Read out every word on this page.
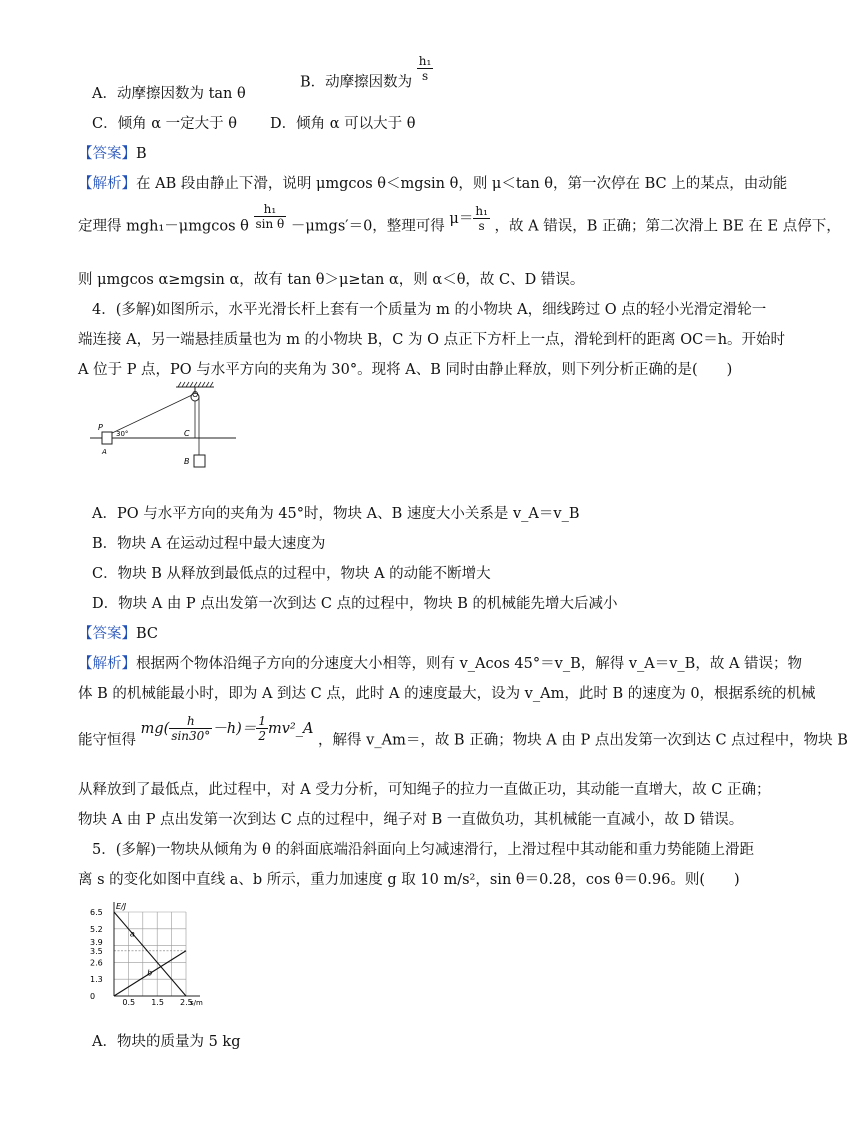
A．动摩擦因数为 tan θ
B．动摩擦因数为 $\frac{\text{h₁}}{s}$
C．倾角 α 一定大于 θ D．倾角 α 可以大于 θ
【答案】B
【解析】在 AB 段由静止下滑，说明 μmgcos θ＜mgsin θ，则 μ＜tan θ，第一次停在 BC 上的某点，由动能
定理得 mgh₁－μmgcos θ $\frac{\text{h₁}}{\text{sin θ}} -\mu mgs'=0$，整理可得 $\mu= \frac{\text{h₁}}{s}$ ，故 A 错误，B 正确；第二次滑上 BE 在 E 点停下，
则 μmgcos α≥mgsin α，故有 tan θ＞μ≥tan α，则 α＜θ，故 C、D 错误。
4．(多解)如图所示，水平光滑长杆上套有一个质量为 m 的小物块 A，细线跨过 O 点的轻小光滑定滑轮一
端连接 A，另一端悬挂质量也为 m 的小物块 B，C 为 O 点正下方杆上一点，滑轮到杆的距离 OC＝h。开始时
A 位于 P 点，PO 与水平方向的夹角为 30°。现将 A、B 同时由静止释放，则下列分析正确的是(　　)
O
P
A
C
B
30°
A．PO 与水平方向的夹角为 45°时，物块 A、B 速度大小关系是 v_A＝v_B
B．物块 A 在运动过程中最大速度为
C．物块 B 从释放到最低点的过程中，物块 A 的动能不断增大
D．物块 A 由 P 点出发第一次到达 C 点的过程中，物块 B 的机械能先增大后减小
【答案】BC
【解析】根据两个物体沿绳子方向的分速度大小相等，则有 v_Acos 45°＝v_B，解得 v_A＝v_B，故 A 错误；物
体 B 的机械能最小时，即为 A 到达 C 点，此时 A 的速度最大，设为 v_Am，此时 B 的速度为 0，根据系统的机械
能守恒得 $mg( \frac{h}{\sin 30^\circ} -h)= \frac{1}{2}$ mv²_A ，解得 v_Am＝，故 B 正确；物块 A 由 P 点出发第一次到达 C 点过程中，物块 B
从释放到了最低点，此过程中，对 A 受力分析，可知绳子的拉力一直做正功，其动能一直增大，故 C 正确；
物块 A 由 P 点出发第一次到达 C 点的过程中，绳子对 B 一直做负功，其机械能一直减小，故 D 错误。
5．(多解)一物块从倾角为 θ 的斜面底端沿斜面向上匀减速滑行，上滑过程中其动能和重力势能随上滑距
离 s 的变化如图中直线 a、b 所示，重力加速度 g 取 10 m/s²，sin θ＝0.28，cos θ＝0.96。则(　　)
a
b
6.5
5.2
3.9
3.5
2.6
1.3
0
0.5 1.5 2.5
E/J
s/m
A．物块的质量为 5 kg
